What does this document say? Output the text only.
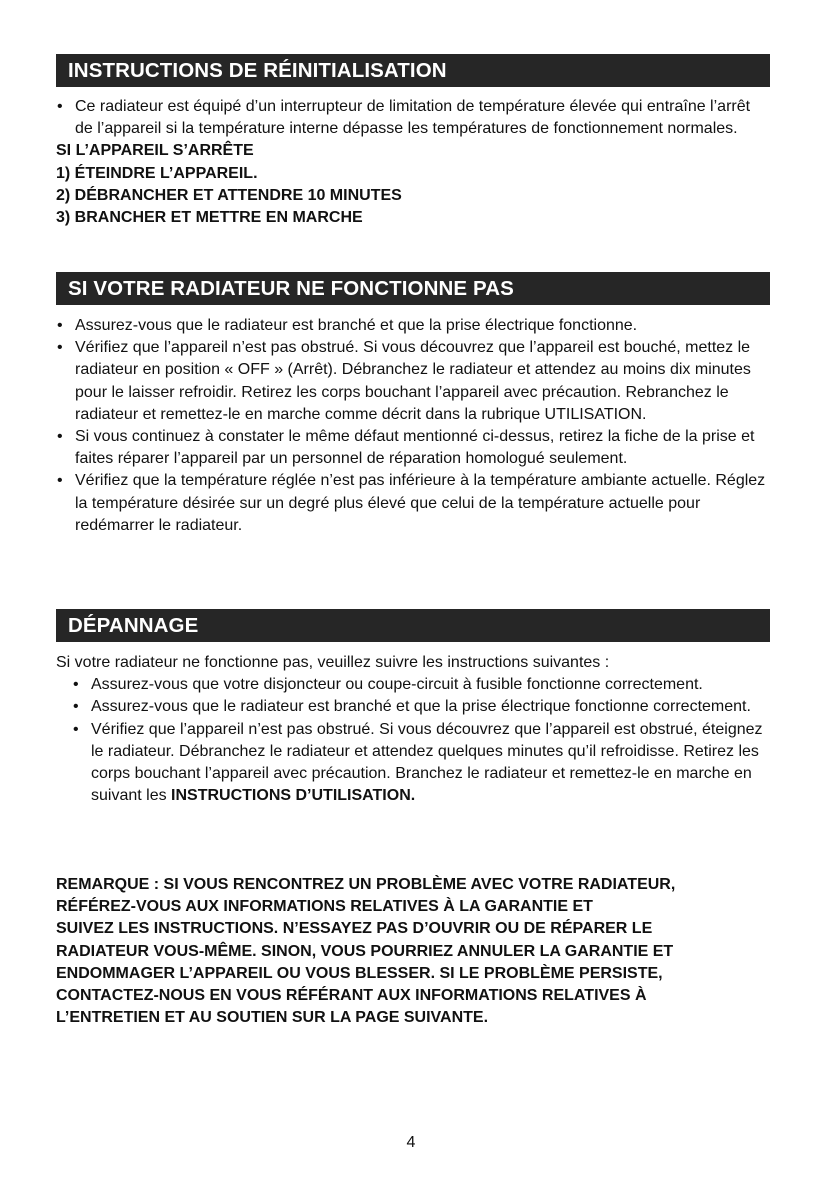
INSTRUCTIONS DE RÉINITIALISATION
• Ce radiateur est équipé d’un interrupteur de limitation de température élevée qui entraîne l’arrêt de l’appareil si la température interne dépasse les températures de fonctionnement normales.

SI L’APPAREIL S’ARRÊTE

1) ÉTEINDRE L’APPAREIL.

2) DÉBRANCHER ET ATTENDRE 10 MINUTES

3) BRANCHER ET METTRE EN MARCHE

SI VOTRE RADIATEUR NE FONCTIONNE PAS
• Assurez-vous que le radiateur est branché et que la prise électrique fonctionne.
• Vérifiez que l’appareil n’est pas obstrué. Si vous découvrez que l’appareil est bouché, mettez le radiateur en position « OFF » (Arrêt). Débranchez le radiateur et attendez au moins dix minutes pour le laisser refroidir. Retirez les corps bouchant l’appareil avec précaution. Rebranchez le radiateur et remettez-le en marche comme décrit dans la rubrique UTILISATION.
• Si vous continuez à constater le même défaut mentionné ci-dessus, retirez la fiche de la prise et faites réparer l’appareil par un personnel de réparation homologué seulement.
• Vérifiez que la température réglée n’est pas inférieure à la température ambiante actuelle. Réglez la température désirée sur un degré plus élevé que celui de la température actuelle pour redémarrer le radiateur.
DÉPANNAGE

Si votre radiateur ne fonctionne pas, veuillez suivre les instructions suivantes :

• Assurez-vous que votre disjoncteur ou coupe-circuit à fusible fonctionne correctement.
• Assurez-vous que le radiateur est branché et que la prise électrique fonctionne correctement.
• Vérifiez que l’appareil n’est pas obstrué. Si vous découvrez que l’appareil est obstrué, éteignez le radiateur. Débranchez le radiateur et attendez quelques minutes qu’il refroidisse. Retirez les corps bouchant l’appareil avec précaution. Branchez le radiateur et remettez-le en marche en suivant les INSTRUCTIONS D’UTILISATION.
REMARQUE : SI VOUS RENCONTREZ UN PROBLÈME AVEC VOTRE RADIATEUR,
RÉFÉREZ-VOUS AUX INFORMATIONS RELATIVES À LA GARANTIE ET
SUIVEZ LES INSTRUCTIONS. N’ESSAYEZ PAS D’OUVRIR OU DE RÉPARER LE
RADIATEUR VOUS-MÊME. SINON, VOUS POURRIEZ ANNULER LA GARANTIE ET
ENDOMMAGER L’APPAREIL OU VOUS BLESSER. SI LE PROBLÈME PERSISTE,
CONTACTEZ-NOUS EN VOUS RÉFÉRANT AUX INFORMATIONS RELATIVES À
L’ENTRETIEN ET AU SOUTIEN SUR LA PAGE SUIVANTE.
4
